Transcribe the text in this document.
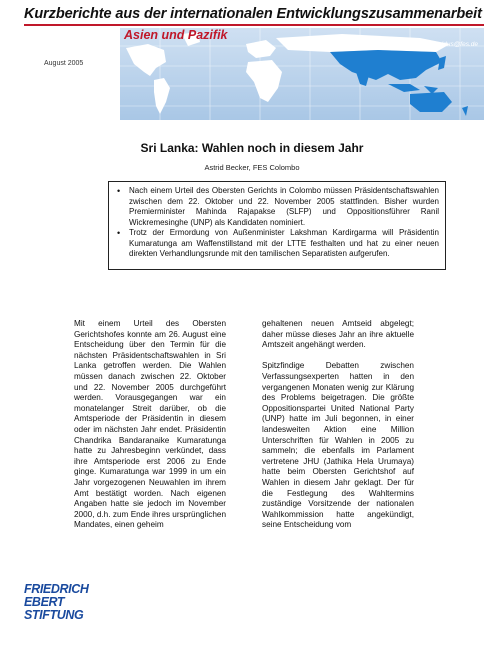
Kurzberichte aus der internationalen Entwicklungszusammenarbeit
Asien und Pazifik
Verantwortlich: beate.bartoldus@fes.de
August 2005
Sri Lanka: Wahlen noch in diesem Jahr
Astrid Becker, FES Colombo
• Nach einem Urteil des Obersten Gerichts in Colombo müssen Präsidentschaftswahlen zwischen dem 22. Oktober und 22. November 2005 stattfinden. Bisher wurden Premierminister Mahinda Rajapakse (SLFP) und Oppositionsführer Ranil Wickremesinghe (UNP) als Kandidaten nominiert.
• Trotz der Ermordung von Außenminister Lakshman Kardirgarma will Präsidentin Kumaratunga am Waffenstillstand mit der LTTE festhalten und hat zu einer neuen direkten Verhandlungsrunde mit den tamilischen Separatisten aufgerufen.

Mit einem Urteil des Obersten Gerichtshofes konnte am 26. August eine Entscheidung über den Termin für die nächsten Präsidentschaftswahlen in Sri Lanka getroffen werden. Die Wahlen müssen danach zwischen 22. Oktober und 22. November 2005 durchgeführt werden. Vorausgegangen war ein monatelanger Streit darüber, ob die Amtsperiode der Präsidentin in diesem oder im nächsten Jahr endet. Präsidentin Chandrika Bandaranaike Kumaratunga hatte zu Jahresbeginn verkündet, dass ihre Amtsperiode erst 2006 zu Ende ginge. Kumaratunga war 1999 in um ein Jahr vorgezogenen Neuwahlen im ihrem Amt bestätigt worden. Nach eigenen Angaben hatte sie jedoch im November 2000, d.h. zum Ende ihres ursprünglichen Mandates, einen geheim

gehaltenen neuen Amtseid abgelegt; daher müsse dieses Jahr an ihre aktuelle Amtszeit angehängt werden.

Spitzfindige Debatten zwischen Verfassungsexperten hatten in den vergangenen Monaten wenig zur Klärung des Problems beigetragen. Die größte Oppositionspartei United National Party (UNP) hatte im Juli begonnen, in einer landesweiten Aktion eine Million Unterschriften für Wahlen in 2005 zu sammeln; die ebenfalls im Parlament vertretene JHU (Jathika Hela Urumaya) hatte beim Obersten Gerichtshof auf Wahlen in diesem Jahr geklagt. Der für die Festlegung des Wahltermins zuständige Vorsitzende der nationalen Wahlkommission hatte angekündigt, seine Entscheidung vom

FRIEDRICH
EBERT
STIFTUNG
